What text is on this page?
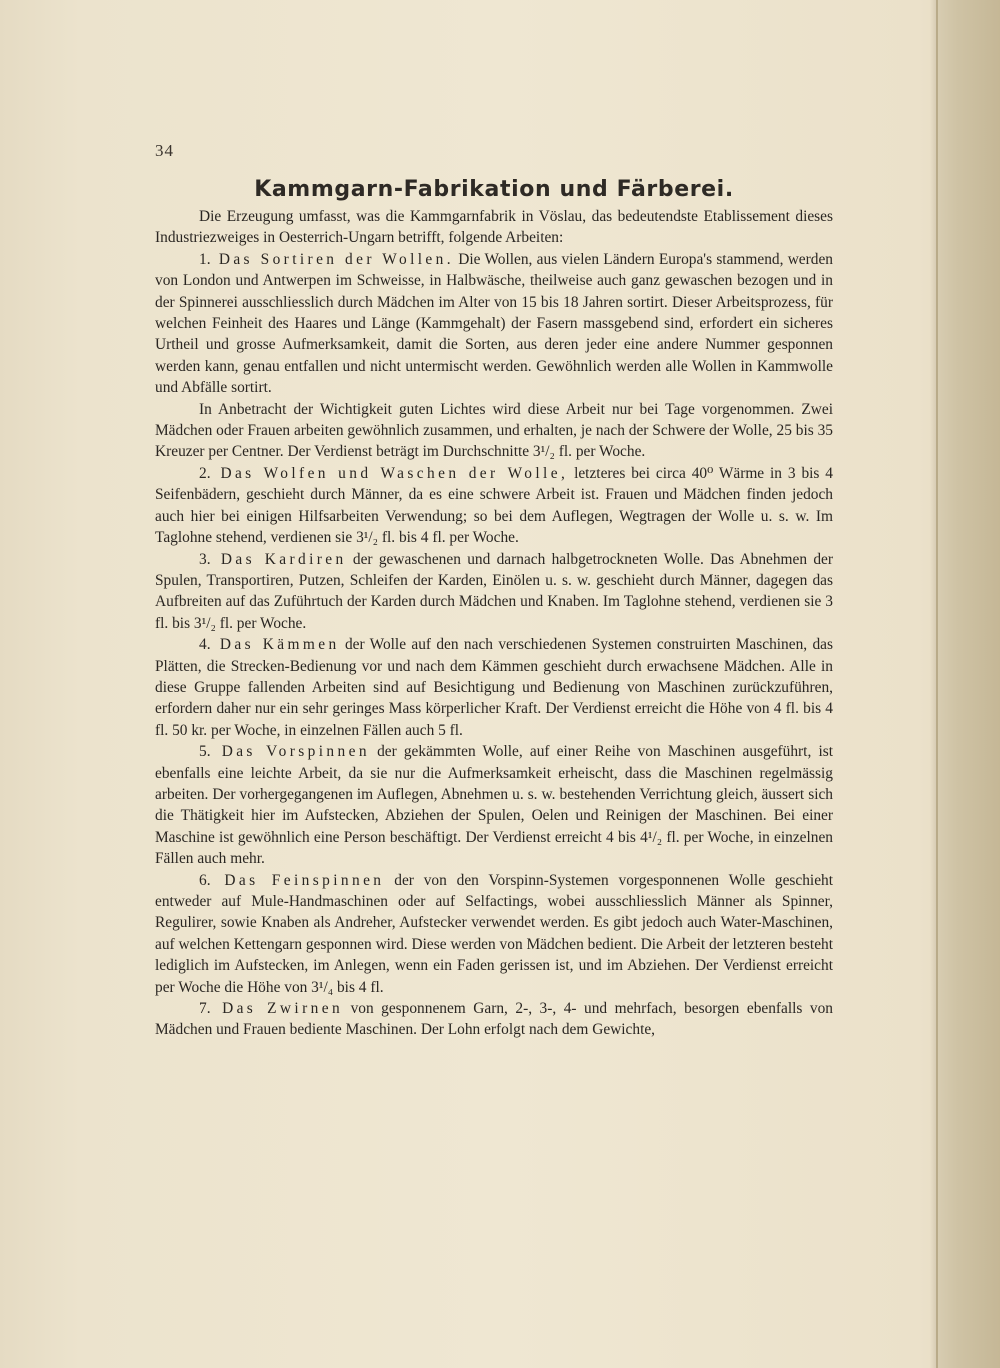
34
Kammgarn-Fabrikation und Färberei.

Die Erzeugung umfasst, was die Kammgarnfabrik in Vöslau, das bedeutendste Etablissement dieses Industriezweiges in Oesterrich-Ungarn betrifft, folgende Arbeiten:

1. Das Sortiren der Wollen. Die Wollen, aus vielen Ländern Europa's stammend, werden von London und Antwerpen im Schweisse, in Halbwäsche, theilweise auch ganz gewaschen bezogen und in der Spinnerei ausschliesslich durch Mädchen im Alter von 15 bis 18 Jahren sortirt. Dieser Arbeitsprozess, für welchen Feinheit des Haares und Länge (Kammgehalt) der Fasern massgebend sind, erfordert ein sicheres Urtheil und grosse Aufmerksamkeit, damit die Sorten, aus deren jeder eine andere Nummer gesponnen werden kann, genau entfallen und nicht untermischt werden. Gewöhnlich werden alle Wollen in Kammwolle und Abfälle sortirt.

In Anbetracht der Wichtigkeit guten Lichtes wird diese Arbeit nur bei Tage vorgenommen. Zwei Mädchen oder Frauen arbeiten gewöhnlich zusammen, und erhalten, je nach der Schwere der Wolle, 25 bis 35 Kreuzer per Centner. Der Verdienst beträgt im Durchschnitte 3¹/₂ fl. per Woche.

2. Das Wolfen und Waschen der Wolle, letzteres bei circa 40⁰ Wärme in 3 bis 4 Seifenbädern, geschieht durch Männer, da es eine schwere Arbeit ist. Frauen und Mädchen finden jedoch auch hier bei einigen Hilfsarbeiten Verwendung; so bei dem Auflegen, Wegtragen der Wolle u. s. w. Im Taglohne stehend, verdienen sie 3¹/₂ fl. bis 4 fl. per Woche.

3. Das Kardiren der gewaschenen und darnach halbgetrockneten Wolle. Das Abnehmen der Spulen, Transportiren, Putzen, Schleifen der Karden, Einölen u. s. w. geschieht durch Männer, dagegen das Aufbreiten auf das Zuführtuch der Karden durch Mädchen und Knaben. Im Taglohne stehend, verdienen sie 3 fl. bis 3¹/₂ fl. per Woche.

4. Das Kämmen der Wolle auf den nach verschiedenen Systemen construirten Maschinen, das Plätten, die Strecken-Bedienung vor und nach dem Kämmen geschieht durch erwachsene Mädchen. Alle in diese Gruppe fallenden Arbeiten sind auf Besichtigung und Bedienung von Maschinen zurückzuführen, erfordern daher nur ein sehr geringes Mass körperlicher Kraft. Der Verdienst erreicht die Höhe von 4 fl. bis 4 fl. 50 kr. per Woche, in einzelnen Fällen auch 5 fl.

5. Das Vorspinnen der gekämmten Wolle, auf einer Reihe von Maschinen ausgeführt, ist ebenfalls eine leichte Arbeit, da sie nur die Aufmerksamkeit erheischt, dass die Maschinen regelmässig arbeiten. Der vorhergegangenen im Auflegen, Abnehmen u. s. w. bestehenden Verrichtung gleich, äussert sich die Thätigkeit hier im Aufstecken, Abziehen der Spulen, Oelen und Reinigen der Maschinen. Bei einer Maschine ist gewöhnlich eine Person beschäftigt. Der Verdienst erreicht 4 bis 4¹/₂ fl. per Woche, in einzelnen Fällen auch mehr.

6. Das Feinspinnen der von den Vorspinn-Systemen vorgesponnenen Wolle geschieht entweder auf Mule-Handmaschinen oder auf Selfactings, wobei ausschliesslich Männer als Spinner, Regulirer, sowie Knaben als Andreher, Aufstecker verwendet werden. Es gibt jedoch auch Water-Maschinen, auf welchen Kettengarn gesponnen wird. Diese werden von Mädchen bedient. Die Arbeit der letzteren besteht lediglich im Aufstecken, im Anlegen, wenn ein Faden gerissen ist, und im Abziehen. Der Verdienst erreicht per Woche die Höhe von 3¹/₄ bis 4 fl.

7. Das Zwirnen von gesponnenem Garn, 2-, 3-, 4- und mehrfach, besorgen ebenfalls von Mädchen und Frauen bediente Maschinen. Der Lohn erfolgt nach dem Gewichte,
